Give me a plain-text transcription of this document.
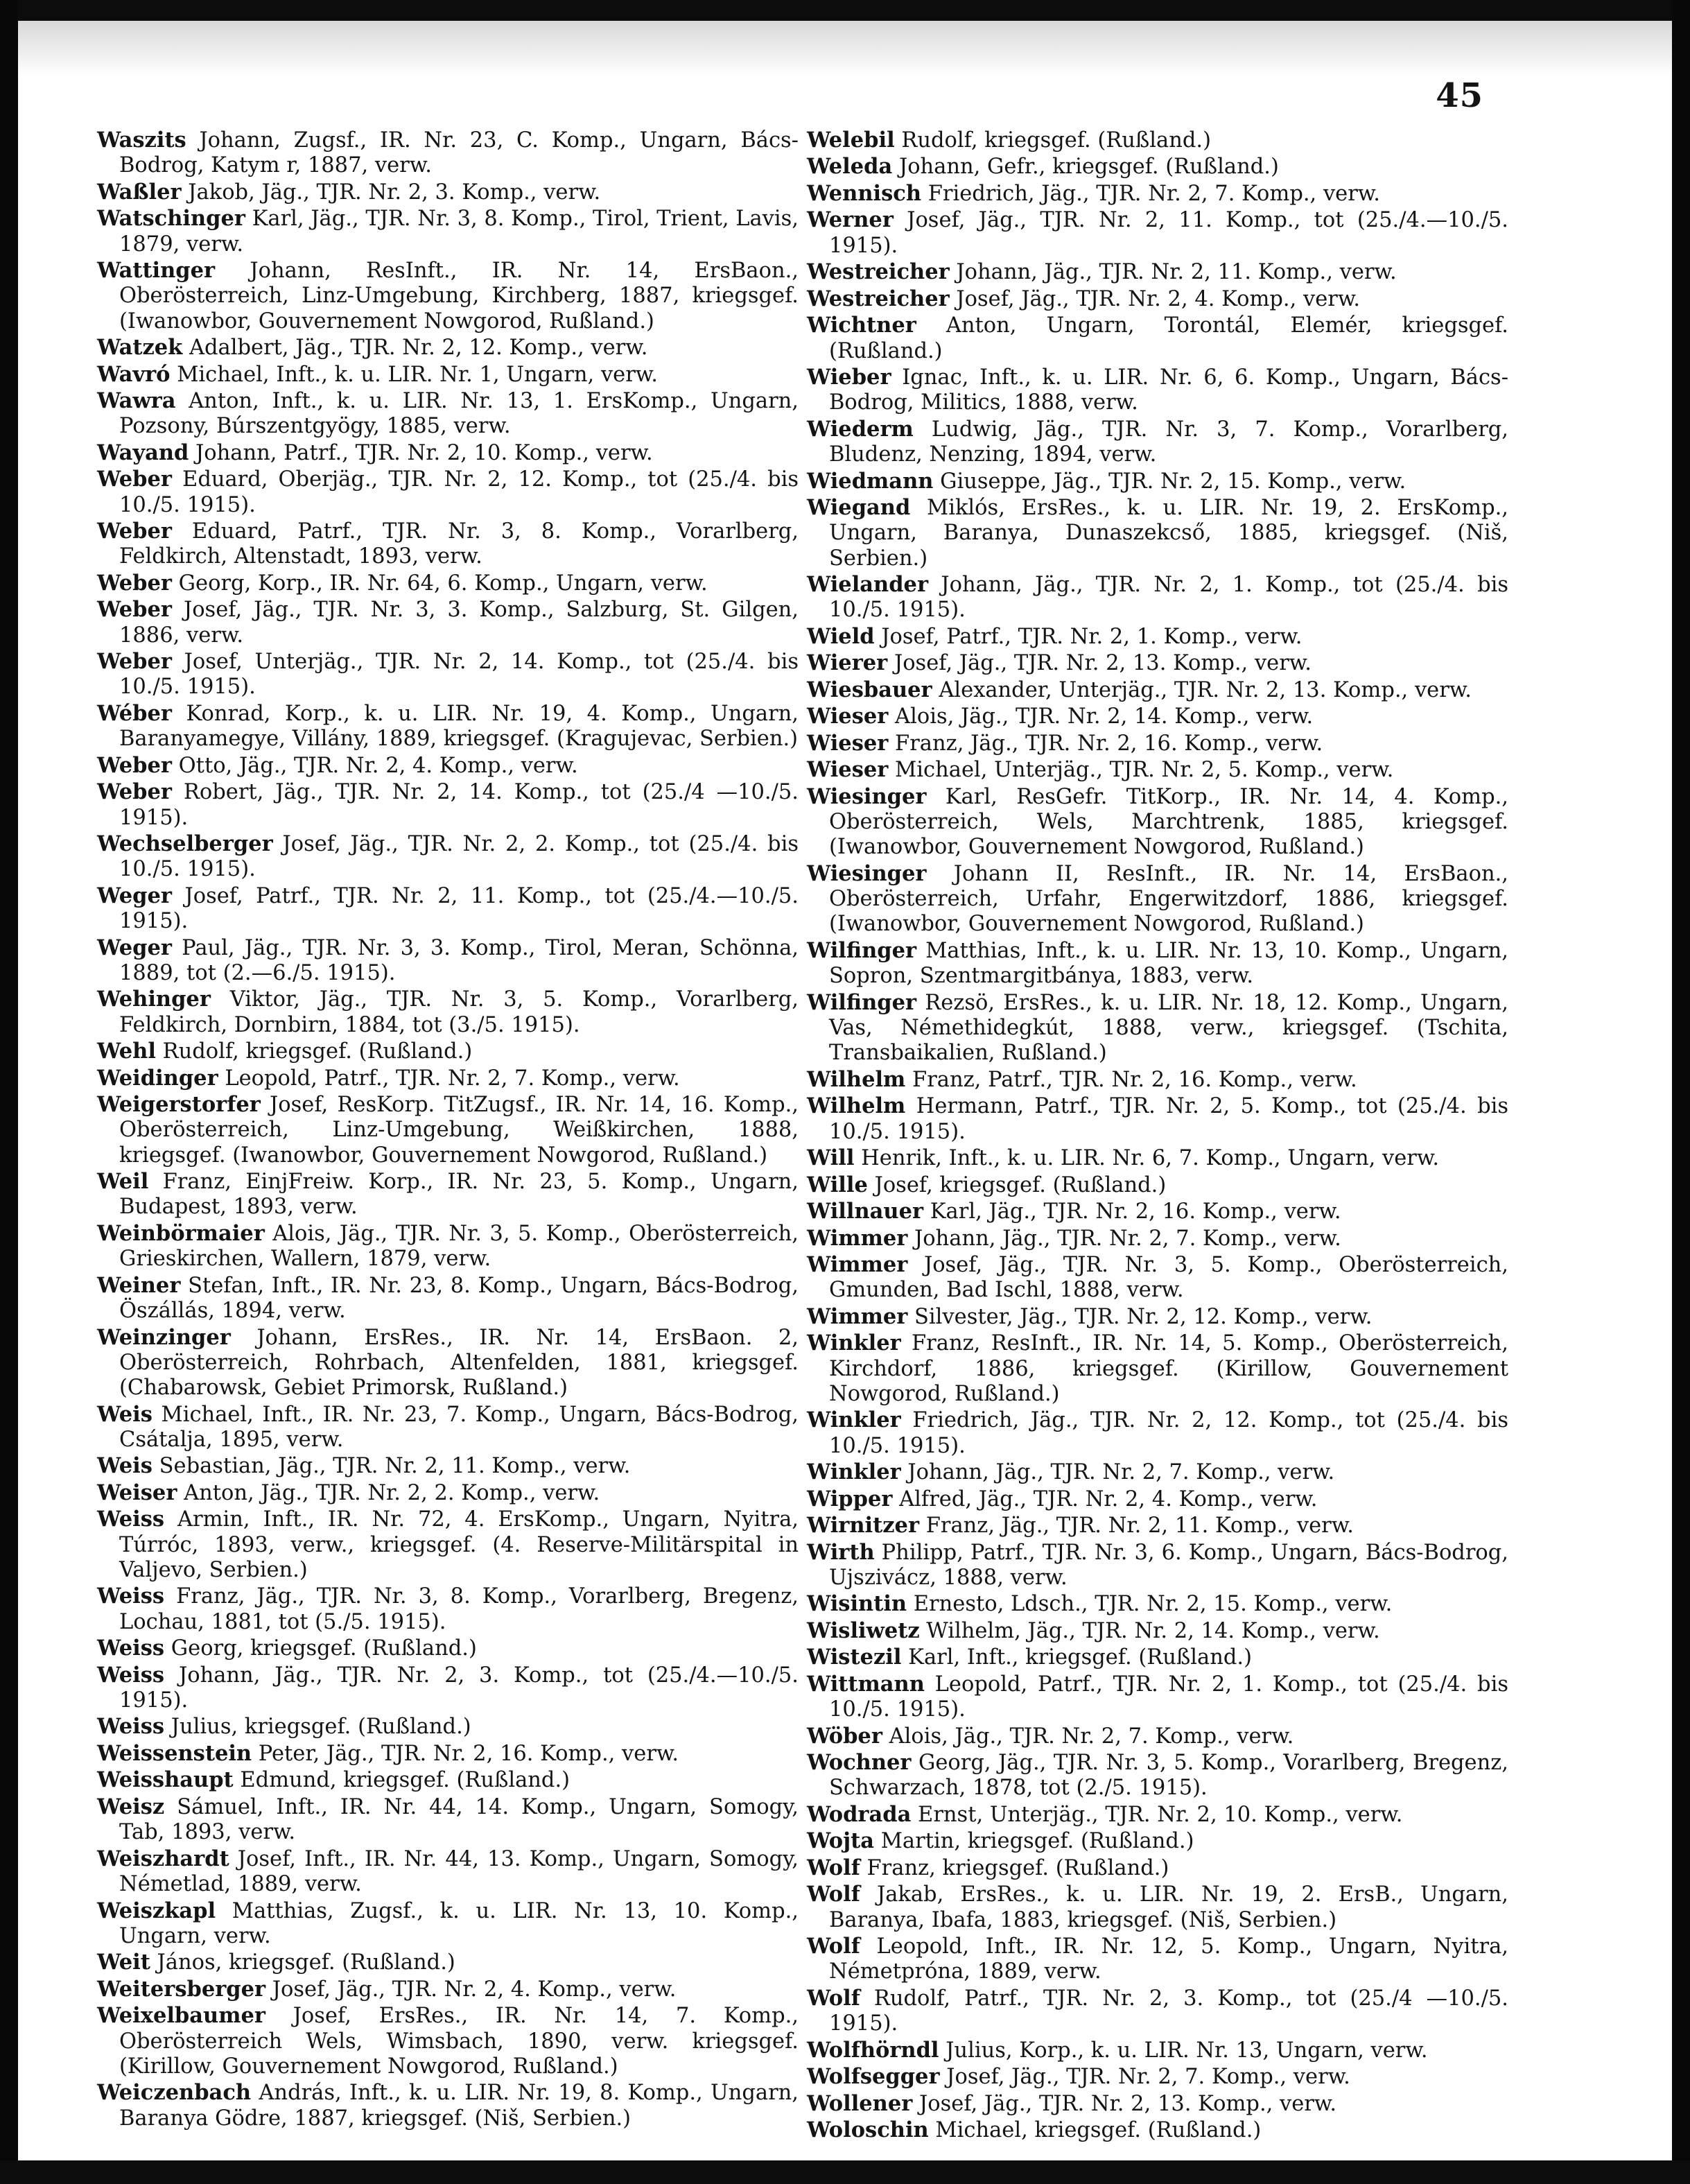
45

Waszits Johann, Zugsf., IR. Nr. 23, C. Komp., Ungarn, Bács-Bodrog, Katym r, 1887, verw.

Waßler Jakob, Jäg., TJR. Nr. 2, 3. Komp., verw.

Watschinger Karl, Jäg., TJR. Nr. 3, 8. Komp., Tirol, Trient, Lavis, 1879, verw.

Wattinger Johann, ResInft., IR. Nr. 14, ErsBaon., Oberösterreich, Linz-Umgebung, Kirchberg, 1887, kriegsgef. (Iwanowbor, Gouvernement Nowgorod, Rußland.)

Watzek Adalbert, Jäg., TJR. Nr. 2, 12. Komp., verw.

Wavró Michael, Inft., k. u. LIR. Nr. 1, Ungarn, verw.

Wawra Anton, Inft., k. u. LIR. Nr. 13, 1. ErsKomp., Ungarn, Pozsony, Búrszentgyögy, 1885, verw.

Wayand Johann, Patrf., TJR. Nr. 2, 10. Komp., verw.

Weber Eduard, Oberjäg., TJR. Nr. 2, 12. Komp., tot (25./4. bis 10./5. 1915).

Weber Eduard, Patrf., TJR. Nr. 3, 8. Komp., Vorarlberg, Feldkirch, Altenstadt, 1893, verw.

Weber Georg, Korp., IR. Nr. 64, 6. Komp., Ungarn, verw.

Weber Josef, Jäg., TJR. Nr. 3, 3. Komp., Salzburg, St. Gilgen, 1886, verw.

Weber Josef, Unterjäg., TJR. Nr. 2, 14. Komp., tot (25./4. bis 10./5. 1915).

Wéber Konrad, Korp., k. u. LIR. Nr. 19, 4. Komp., Ungarn, Baranyamegye, Villány, 1889, kriegsgef. (Kragujevac, Serbien.)

Weber Otto, Jäg., TJR. Nr. 2, 4. Komp., verw.

Weber Robert, Jäg., TJR. Nr. 2, 14. Komp., tot (25./4 —10./5. 1915).

Wechselberger Josef, Jäg., TJR. Nr. 2, 2. Komp., tot (25./4. bis 10./5. 1915).

Weger Josef, Patrf., TJR. Nr. 2, 11. Komp., tot (25./4.—10./5. 1915).

Weger Paul, Jäg., TJR. Nr. 3, 3. Komp., Tirol, Meran, Schönna, 1889, tot (2.—6./5. 1915).

Wehinger Viktor, Jäg., TJR. Nr. 3, 5. Komp., Vorarlberg, Feldkirch, Dornbirn, 1884, tot (3./5. 1915).

Wehl Rudolf, kriegsgef. (Rußland.)

Weidinger Leopold, Patrf., TJR. Nr. 2, 7. Komp., verw.

Weigerstorfer Josef, ResKorp. TitZugsf., IR. Nr. 14, 16. Komp., Oberösterreich, Linz-Umgebung, Weißkirchen, 1888, kriegsgef. (Iwanowbor, Gouvernement Nowgorod, Rußland.)

Weil Franz, EinjFreiw. Korp., IR. Nr. 23, 5. Komp., Ungarn, Budapest, 1893, verw.

Weinbörmaier Alois, Jäg., TJR. Nr. 3, 5. Komp., Oberösterreich, Grieskirchen, Wallern, 1879, verw.

Weiner Stefan, Inft., IR. Nr. 23, 8. Komp., Ungarn, Bács-Bodrog, Öszállás, 1894, verw.

Weinzinger Johann, ErsRes., IR. Nr. 14, ErsBaon. 2, Oberösterreich, Rohrbach, Altenfelden, 1881, kriegsgef. (Chabarowsk, Gebiet Primorsk, Rußland.)

Weis Michael, Inft., IR. Nr. 23, 7. Komp., Ungarn, Bács-Bodrog, Csátalja, 1895, verw.

Weis Sebastian, Jäg., TJR. Nr. 2, 11. Komp., verw.

Weiser Anton, Jäg., TJR. Nr. 2, 2. Komp., verw.

Weiss Armin, Inft., IR. Nr. 72, 4. ErsKomp., Ungarn, Nyitra, Túrróc, 1893, verw., kriegsgef. (4. Reserve-Militärspital in Valjevo, Serbien.)

Weiss Franz, Jäg., TJR. Nr. 3, 8. Komp., Vorarlberg, Bregenz, Lochau, 1881, tot (5./5. 1915).

Weiss Georg, kriegsgef. (Rußland.)

Weiss Johann, Jäg., TJR. Nr. 2, 3. Komp., tot (25./4.—10./5. 1915).

Weiss Julius, kriegsgef. (Rußland.)

Weissenstein Peter, Jäg., TJR. Nr. 2, 16. Komp., verw.

Weisshaupt Edmund, kriegsgef. (Rußland.)

Weisz Sámuel, Inft., IR. Nr. 44, 14. Komp., Ungarn, Somogy, Tab, 1893, verw.

Weiszhardt Josef, Inft., IR. Nr. 44, 13. Komp., Ungarn, Somogy, Németlad, 1889, verw.

Weiszkapl Matthias, Zugsf., k. u. LIR. Nr. 13, 10. Komp., Ungarn, verw.

Weit János, kriegsgef. (Rußland.)

Weitersberger Josef, Jäg., TJR. Nr. 2, 4. Komp., verw.

Weixelbaumer Josef, ErsRes., IR. Nr. 14, 7. Komp., Oberösterreich Wels, Wimsbach, 1890, verw. kriegsgef. (Kirillow, Gouvernement Nowgorod, Rußland.)

Weiczenbach András, Inft., k. u. LIR. Nr. 19, 8. Komp., Ungarn, Baranya Gödre, 1887, kriegsgef. (Niš, Serbien.)

Welebil Rudolf, kriegsgef. (Rußland.)

Weleda Johann, Gefr., kriegsgef. (Rußland.)

Wennisch Friedrich, Jäg., TJR. Nr. 2, 7. Komp., verw.

Werner Josef, Jäg., TJR. Nr. 2, 11. Komp., tot (25./4.—10./5. 1915).

Westreicher Johann, Jäg., TJR. Nr. 2, 11. Komp., verw.

Westreicher Josef, Jäg., TJR. Nr. 2, 4. Komp., verw.

Wichtner Anton, Ungarn, Torontál, Elemér, kriegsgef. (Rußland.)

Wieber Ignac, Inft., k. u. LIR. Nr. 6, 6. Komp., Ungarn, Bács-Bodrog, Militics, 1888, verw.

Wiederm Ludwig, Jäg., TJR. Nr. 3, 7. Komp., Vorarlberg, Bludenz, Nenzing, 1894, verw.

Wiedmann Giuseppe, Jäg., TJR. Nr. 2, 15. Komp., verw.

Wiegand Miklós, ErsRes., k. u. LIR. Nr. 19, 2. ErsKomp., Ungarn, Baranya, Dunaszekcső, 1885, kriegsgef. (Niš, Serbien.)

Wielander Johann, Jäg., TJR. Nr. 2, 1. Komp., tot (25./4. bis 10./5. 1915).

Wield Josef, Patrf., TJR. Nr. 2, 1. Komp., verw.

Wierer Josef, Jäg., TJR. Nr. 2, 13. Komp., verw.

Wiesbauer Alexander, Unterjäg., TJR. Nr. 2, 13. Komp., verw.

Wieser Alois, Jäg., TJR. Nr. 2, 14. Komp., verw.

Wieser Franz, Jäg., TJR. Nr. 2, 16. Komp., verw.

Wieser Michael, Unterjäg., TJR. Nr. 2, 5. Komp., verw.

Wiesinger Karl, ResGefr. TitKorp., IR. Nr. 14, 4. Komp., Oberösterreich, Wels, Marchtrenk, 1885, kriegsgef. (Iwanowbor, Gouvernement Nowgorod, Rußland.)

Wiesinger Johann II, ResInft., IR. Nr. 14, ErsBaon., Oberösterreich, Urfahr, Engerwitzdorf, 1886, kriegsgef. (Iwanowbor, Gouvernement Nowgorod, Rußland.)

Wilfinger Matthias, Inft., k. u. LIR. Nr. 13, 10. Komp., Ungarn, Sopron, Szentmargitbánya, 1883, verw.

Wilfinger Rezsö, ErsRes., k. u. LIR. Nr. 18, 12. Komp., Ungarn, Vas, Némethidegkút, 1888, verw., kriegsgef. (Tschita, Transbaikalien, Rußland.)

Wilhelm Franz, Patrf., TJR. Nr. 2, 16. Komp., verw.

Wilhelm Hermann, Patrf., TJR. Nr. 2, 5. Komp., tot (25./4. bis 10./5. 1915).

Will Henrik, Inft., k. u. LIR. Nr. 6, 7. Komp., Ungarn, verw.

Wille Josef, kriegsgef. (Rußland.)

Willnauer Karl, Jäg., TJR. Nr. 2, 16. Komp., verw.

Wimmer Johann, Jäg., TJR. Nr. 2, 7. Komp., verw.

Wimmer Josef, Jäg., TJR. Nr. 3, 5. Komp., Oberösterreich, Gmunden, Bad Ischl, 1888, verw.

Wimmer Silvester, Jäg., TJR. Nr. 2, 12. Komp., verw.

Winkler Franz, ResInft., IR. Nr. 14, 5. Komp., Oberösterreich, Kirchdorf, 1886, kriegsgef. (Kirillow, Gouvernement Nowgorod, Rußland.)

Winkler Friedrich, Jäg., TJR. Nr. 2, 12. Komp., tot (25./4. bis 10./5. 1915).

Winkler Johann, Jäg., TJR. Nr. 2, 7. Komp., verw.

Wipper Alfred, Jäg., TJR. Nr. 2, 4. Komp., verw.

Wirnitzer Franz, Jäg., TJR. Nr. 2, 11. Komp., verw.

Wirth Philipp, Patrf., TJR. Nr. 3, 6. Komp., Ungarn, Bács-Bodrog, Ujszivácz, 1888, verw.

Wisintin Ernesto, Ldsch., TJR. Nr. 2, 15. Komp., verw.

Wisliwetz Wilhelm, Jäg., TJR. Nr. 2, 14. Komp., verw.

Wistezil Karl, Inft., kriegsgef. (Rußland.)

Wittmann Leopold, Patrf., TJR. Nr. 2, 1. Komp., tot (25./4. bis 10./5. 1915).

Wöber Alois, Jäg., TJR. Nr. 2, 7. Komp., verw.

Wochner Georg, Jäg., TJR. Nr. 3, 5. Komp., Vorarlberg, Bregenz, Schwarzach, 1878, tot (2./5. 1915).

Wodrada Ernst, Unterjäg., TJR. Nr. 2, 10. Komp., verw.

Wojta Martin, kriegsgef. (Rußland.)

Wolf Franz, kriegsgef. (Rußland.)

Wolf Jakab, ErsRes., k. u. LIR. Nr. 19, 2. ErsB., Ungarn, Baranya, Ibafa, 1883, kriegsgef. (Niš, Serbien.)

Wolf Leopold, Inft., IR. Nr. 12, 5. Komp., Ungarn, Nyitra, Németpróna, 1889, verw.

Wolf Rudolf, Patrf., TJR. Nr. 2, 3. Komp., tot (25./4 —10./5. 1915).

Wolfhörndl Julius, Korp., k. u. LIR. Nr. 13, Ungarn, verw.

Wolfsegger Josef, Jäg., TJR. Nr. 2, 7. Komp., verw.

Wollener Josef, Jäg., TJR. Nr. 2, 13. Komp., verw.

Woloschin Michael, kriegsgef. (Rußland.)
